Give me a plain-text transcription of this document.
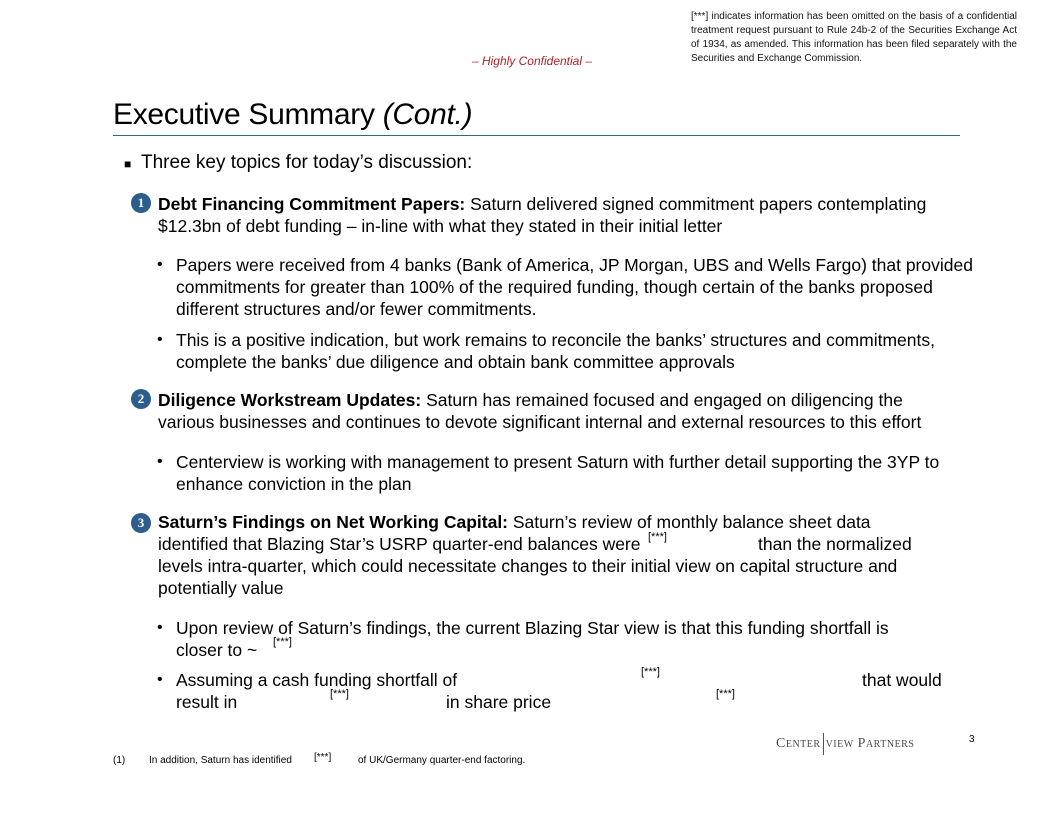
[***] indicates information has been omitted on the basis of a confidential treatment request pursuant to Rule 24b-2 of the Securities Exchange Act of 1934, as amended. This information has been filed separately with the Securities and Exchange Commission.
– Highly Confidential –
Executive Summary (Cont.)
■ Three key topics for today’s discussion:
1 Debt Financing Commitment Papers: Saturn delivered signed commitment papers contemplating
$12.3bn of debt funding – in-line with what they stated in their initial letter
• Papers were received from 4 banks (Bank of America, JP Morgan, UBS and Wells Fargo) that provided
commitments for greater than 100% of the required funding, though certain of the banks proposed
different structures and/or fewer commitments.
• This is a positive indication, but work remains to reconcile the banks’ structures and commitments,
complete the banks’ due diligence and obtain bank committee approvals
2 Diligence Workstream Updates: Saturn has remained focused and engaged on diligencing the
various businesses and continues to devote significant internal and external resources to this effort
• Centerview is working with management to present Saturn with further detail supporting the 3YP to
enhance conviction in the plan
3 Saturn’s Findings on Net Working Capital: Saturn’s review of monthly balance sheet data
identified that Blazing Star’s USRP quarter-end balances were [***]	than the normalized
levels intra-quarter, which could necessitate changes to their initial view on capital structure and
potentially value
• Upon review of Saturn’s findings, the current Blazing Star view is that this funding shortfall is
closer to ~ [***]
• Assuming a cash funding shortfall of	[***]	that would
result in	[***]	in share price	[***]
Center view Partners	3
(1) In addition, Saturn has identified [***]	of UK/Germany quarter-end factoring.
